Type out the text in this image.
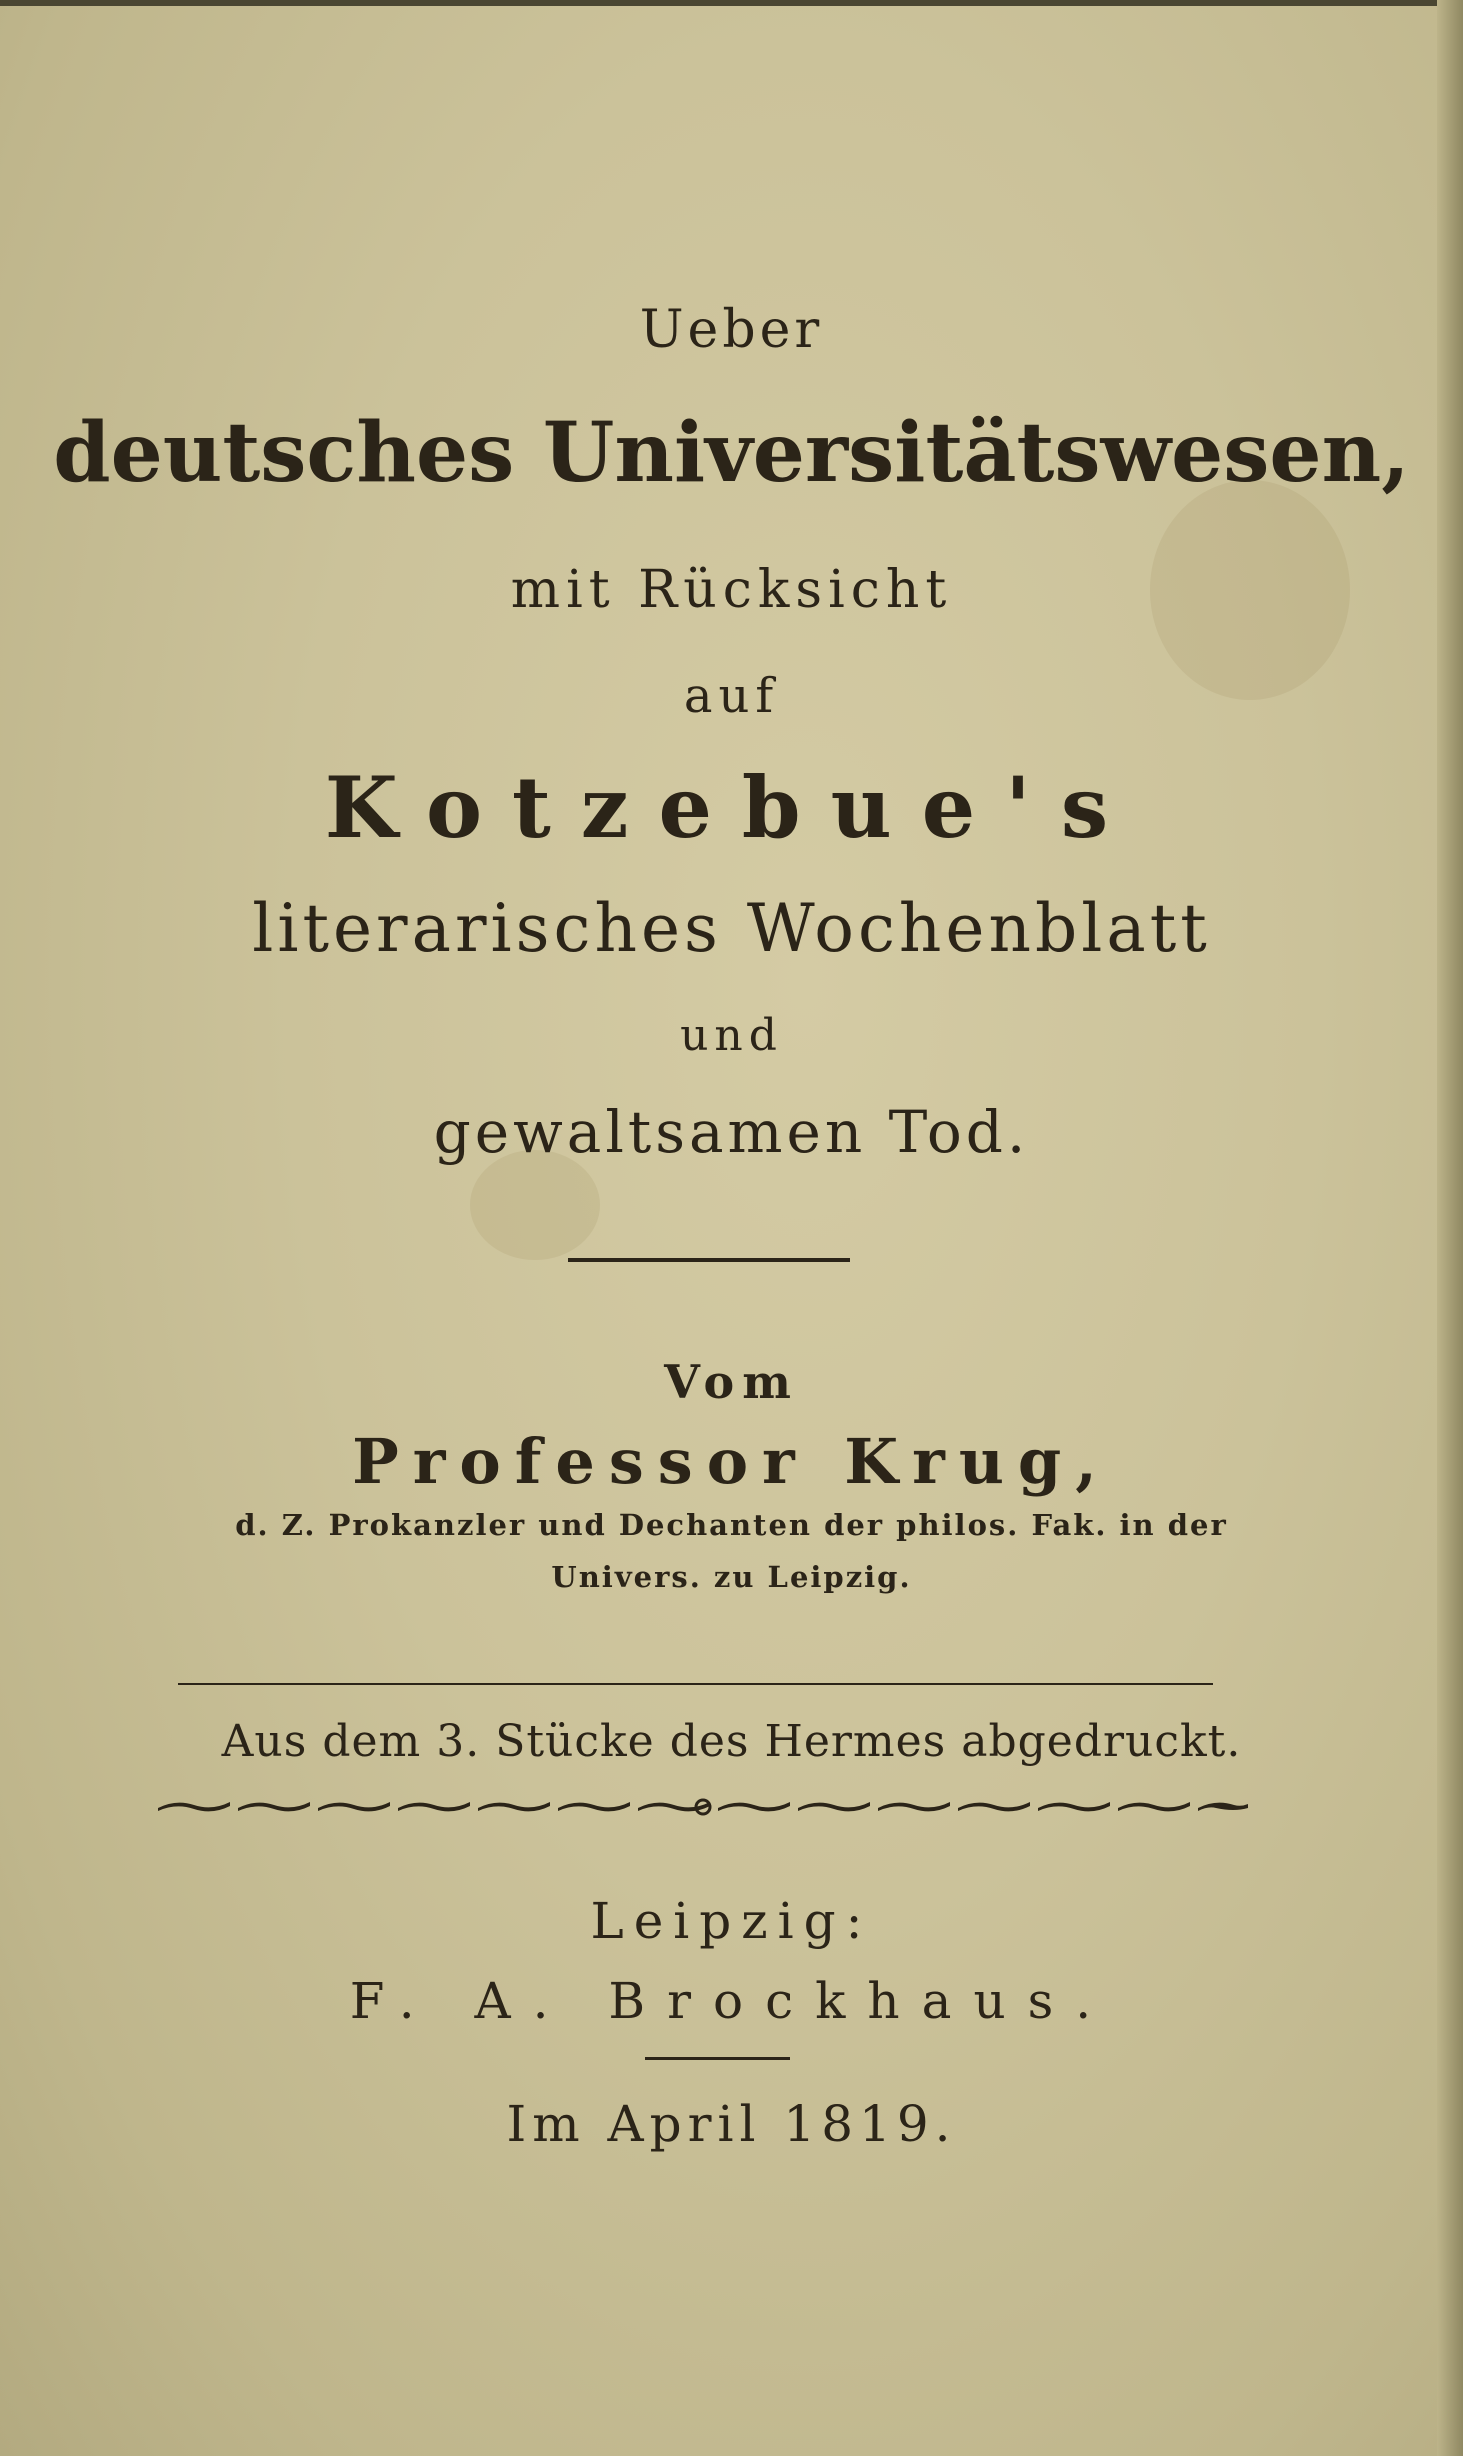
Ueber
deutsches Universitätswesen,
mit Rücksicht
auf
Kotzebue's
literarisches Wochenblatt
und
gewaltsamen Tod.
Vom
Professor Krug,
d. Z. Prokanzler und Dechanten der philos. Fak. in der
Univers. zu Leipzig.
Aus dem 3. Stücke des Hermes abgedruckt.
Leipzig:
F. A. Brockhaus.
Im April 1819.
